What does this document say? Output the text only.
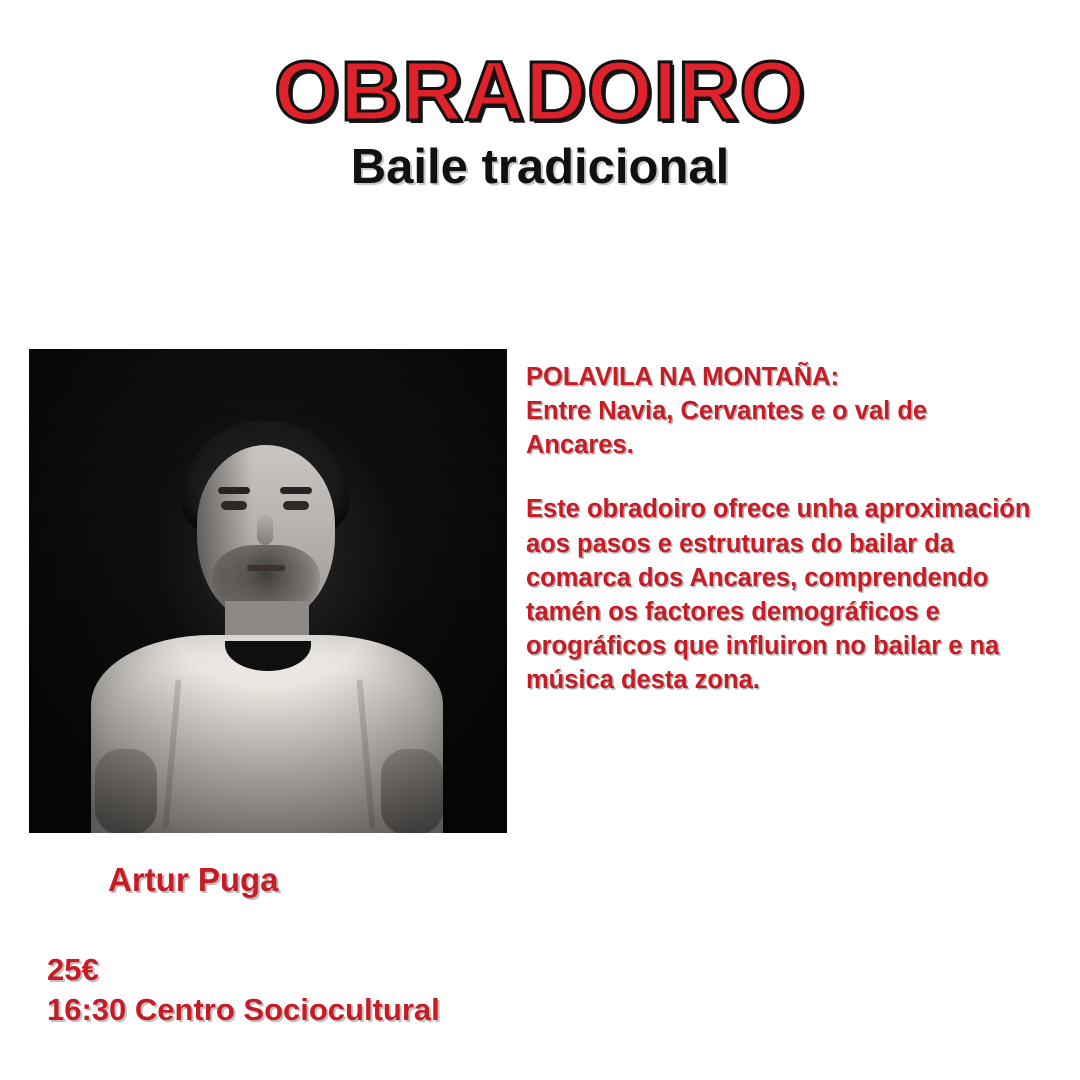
OBRADOIRO
Baile tradicional

POLAVILA NA MONTAÑA:

Entre Navia, Cervantes e o val de

Ancares.

Este obradoiro ofrece unha aproximación aos pasos e estruturas do bailar da comarca dos Ancares, comprendendo tamén os factores demográficos e orográficos que influiron no bailar e na música desta zona.

Artur Puga
25€
16:30 Centro Sociocultural
